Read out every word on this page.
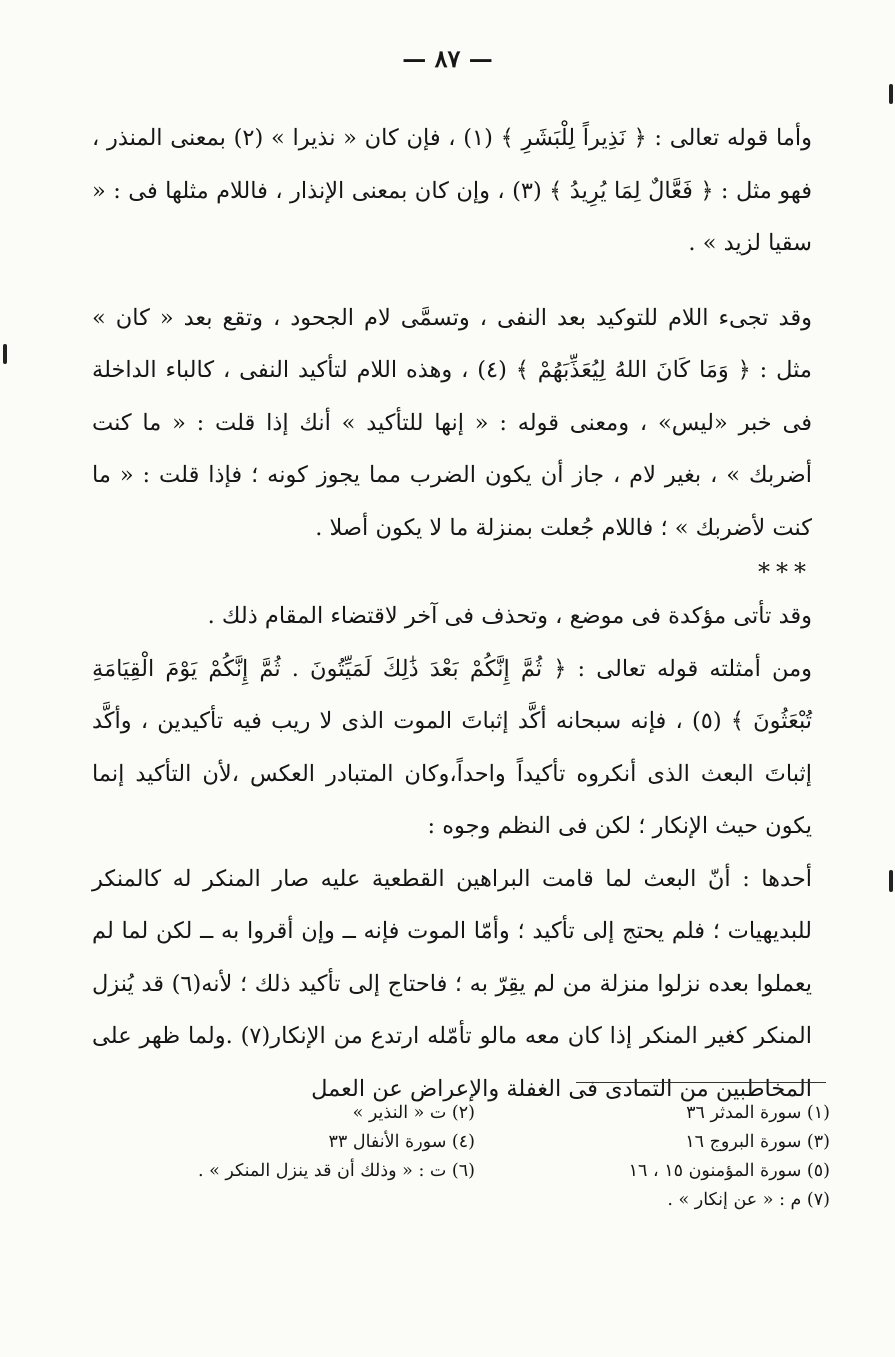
— ٨٧ —

وأما قوله تعالى : ﴿ نَذِيراً لِلْبَشَرِ ﴾ (١) ، فإن كان « نذيرا » (٢) بمعنى المنذر ، فهو مثل : ﴿ فَعَّالٌ لِمَا يُرِيدُ ﴾ (٣) ، وإن كان بمعنى الإنذار ، فاللام مثلها فى : « سقيا لزيد » .

وقد تجىء اللام للتوكيد بعد النفى ، وتسمَّى لام الجحود ، وتقع بعد « كان » مثل : ﴿ وَمَا كَانَ اللهُ لِيُعَذِّبَهُمْ ﴾ (٤) ، وهذه اللام لتأكيد النفى ، كالباء الداخلة فى خبر «ليس» ، ومعنى قوله : « إنها للتأكيد » أنك إذا قلت : « ما كنت أضربك » ، بغير لام ، جاز أن يكون الضرب مما يجوز كونه ؛ فإذا قلت : « ما كنت لأضربك » ؛ فاللام جُعلت بمنزلة ما لا يكون أصلا .

***

وقد تأتى مؤكدة فى موضع ، وتحذف فى آخر لاقتضاء المقام ذلك .

ومن أمثلته قوله تعالى : ﴿ ثُمَّ إِنَّكُمْ بَعْدَ ذَٰلِكَ لَمَيِّتُونَ . ثُمَّ إِنَّكُمْ يَوْمَ الْقِيَامَةِ تُبْعَثُونَ ﴾ (٥) ، فإنه سبحانه أكَّد إثباتَ الموت الذى لا ريب فيه تأكيدين ، وأكَّد إثباتَ البعث الذى أنكروه تأكيداً واحداً،وكان المتبادر العكس ،لأن التأكيد إنما يكون حيث الإنكار ؛ لكن فى النظم وجوه :

أحدها : أنّ البعث لما قامت البراهين القطعية عليه صار المنكر له كالمنكر للبديهيات ؛ فلم يحتج إلى تأكيد ؛ وأمّا الموت فإنه ــ وإن أقروا به ــ لكن لما لم يعملوا بعده نزلوا منزلة من لم يقِرّ به ؛ فاحتاج إلى تأكيد ذلك ؛ لأنه(٦) قد يُنزل المنكر كغير المنكر إذا كان معه مالو تأمّله ارتدع من الإنكار(٧) .ولما ظهر على المخاطبين من التمادى فى الغفلة والإعراض عن العمل

(١) سورة المدثر ٣٦
(٢) ت « النذير »
(٣) سورة البروج ١٦
(٤) سورة الأنفال ٣٣
(٥) سورة المؤمنون ١٥ ، ١٦
(٦) ت : « وذلك أن قد ينزل المنكر » .
(٧) م : « عن إنكار » .
